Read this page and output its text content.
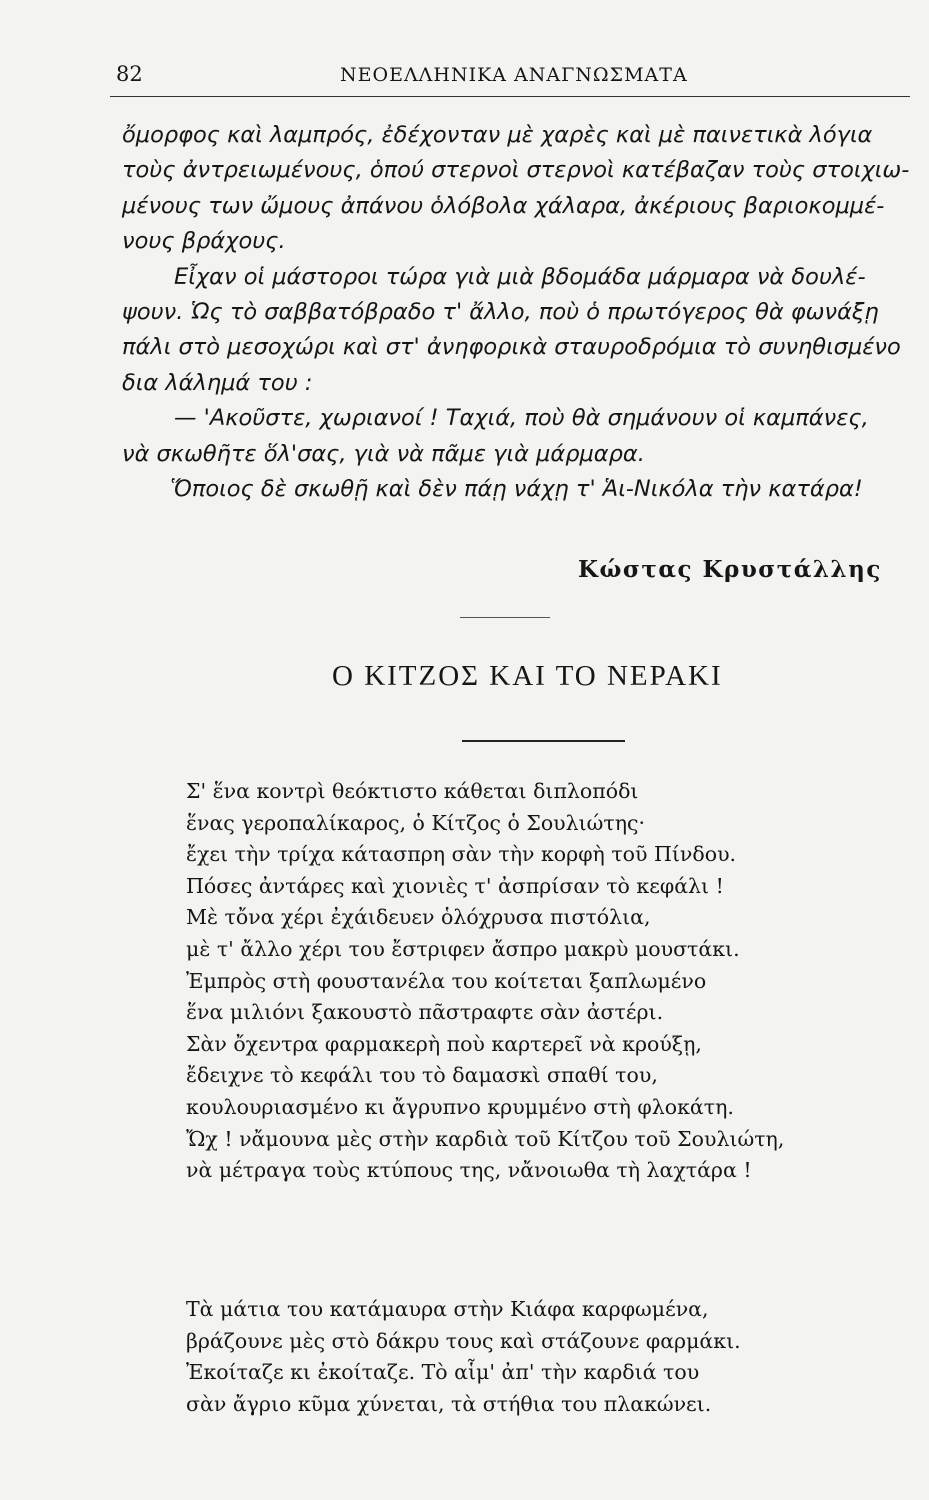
82	ΝΕΟΕΛΛΗΝΙΚΑ ΑΝΑΓΝΩΣΜΑΤΑ

ὄμορφος καὶ λαμπρός, ἐδέχονταν μὲ χαρὲς καὶ μὲ παινετικὰ λόγια

τοὺς ἀντρειωμένους, ὁπού στερνοὶ στερνοὶ κατέβαζαν τοὺς στοιχιω-

μένους των ὤμους ἀπάνου ὁλόβολα χάλαρα, ἀκέριους βαριοκομμέ-

νους βράχους.

Εἶχαν οἱ μάστοροι τώρα γιὰ μιὰ βδομάδα μάρμαρα νὰ δουλέ-

ψουν. Ὡς τὸ σαββατόβραδο τ' ἄλλο, ποὺ ὁ πρωτόγερος θὰ φωνάξῃ

πάλι στὸ μεσοχώρι καὶ στ' ἀνηφορικὰ σταυροδρόμια τὸ συνηθισμένο

δια λάλημά του :

— 'Ακοῦστε, χωριανοί ! Ταχιά, ποὺ θὰ σημάνουν οἱ καμπάνες,

νὰ σκωθῆτε ὅλ'σας, γιὰ νὰ πᾶμε γιὰ μάρμαρα.

Ὅποιος δὲ σκωθῇ καὶ δὲν πάῃ νάχῃ τ' Ἁι-Νικόλα τὴν κατάρα!

Κώστας Κρυστάλλης
Ο ΚΙΤΖΟΣ ΚΑΙ ΤΟ ΝΕΡΑΚΙ
Σ' ἕνα κοντρὶ θεόκτιστο κάθεται διπλοπόδι
ἕνας γεροπαλίκαρος, ὁ Κίτζος ὁ Σουλιώτης·
ἔχει τὴν τρίχα κάτασπρη σὰν τὴν κορφὴ τοῦ Πίνδου.
Πόσες ἀντάρες καὶ χιονιὲς τ' ἀσπρίσαν τὸ κεφάλι !
Μὲ τὄνα χέρι ἐχάιδευεν ὁλόχρυσα πιστόλια,
μὲ τ' ἄλλο χέρι του ἔστριφεν ἄσπρο μακρὺ μουστάκι.
Ἐμπρὸς στὴ φουστανέλα του κοίτεται ξαπλωμένο
ἕνα μιλιόνι ξακουστὸ πᾶστραφτε σὰν ἀστέρι.
Σὰν ὄχεντρα φαρμακερὴ ποὺ καρτερεῖ νὰ κρούξῃ,
ἔδειχνε τὸ κεφάλι του τὸ δαμασκὶ σπαθί του,
κουλουριασμένο κι ἄγρυπνο κρυμμένο στὴ φλοκάτη.
Ὤχ ! νἄμουνα μὲς στὴν καρδιὰ τοῦ Κίτζου τοῦ Σουλιώτη,
νὰ μέτραγα τοὺς κτύπους της, νἄνοιωθα τὴ λαχτάρα !
Τὰ μάτια του κατάμαυρα στὴν Κιάφα καρφωμένα,
βράζουνε μὲς στὸ δάκρυ τους καὶ στάζουνε φαρμάκι.
Ἐκοίταζε κι ἐκοίταζε. Τὸ αἷμ' ἀπ' τὴν καρδιά του
σὰν ἄγριο κῦμα χύνεται, τὰ στήθια του πλακώνει.
